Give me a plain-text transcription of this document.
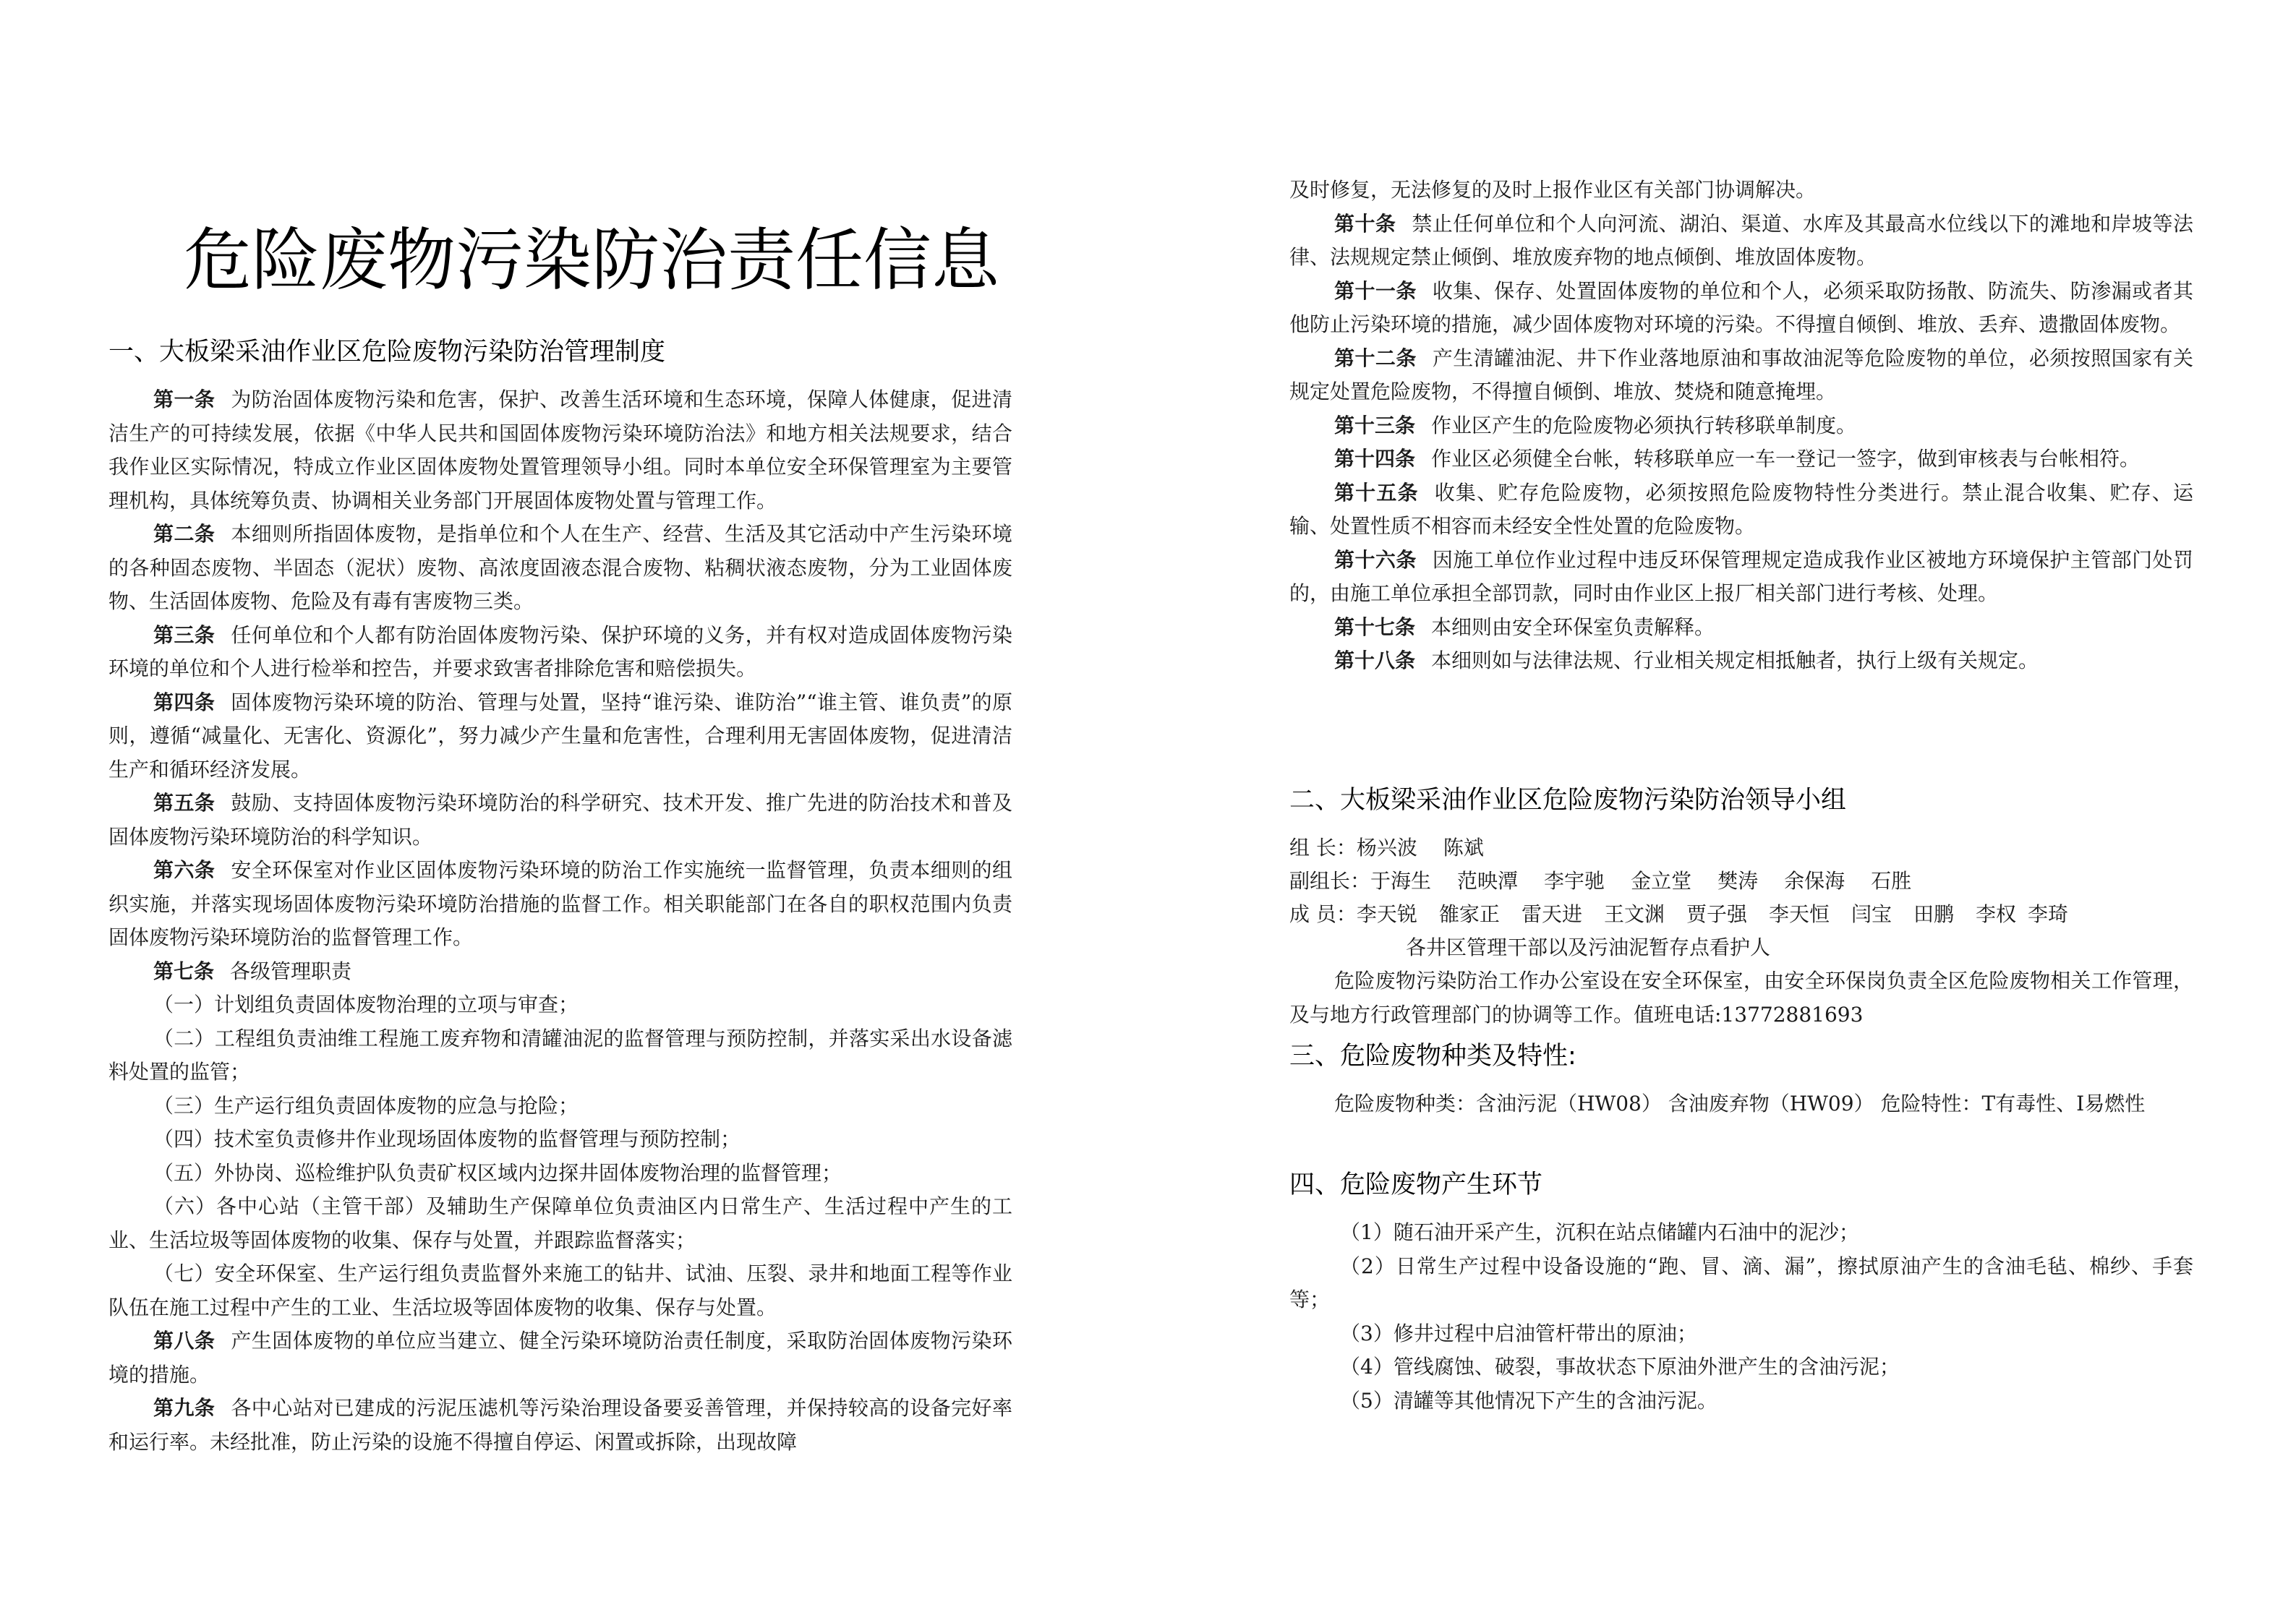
危险废物污染防治责任信息
一、大板梁采油作业区危险废物污染防治管理制度

第一条 为防治固体废物污染和危害，保护、改善生活环境和生态环境，保障人体健康，促进清洁生产的可持续发展，依据《中华人民共和国固体废物污染环境防治法》和地方相关法规要求，结合我作业区实际情况，特成立作业区固体废物处置管理领导小组。同时本单位安全环保管理室为主要管理机构，具体统筹负责、协调相关业务部门开展固体废物处置与管理工作。

第二条 本细则所指固体废物，是指单位和个人在生产、经营、生活及其它活动中产生污染环境的各种固态废物、半固态（泥状）废物、高浓度固液态混合废物、粘稠状液态废物，分为工业固体废物、生活固体废物、危险及有毒有害废物三类。

第三条 任何单位和个人都有防治固体废物污染、保护环境的义务，并有权对造成固体废物污染环境的单位和个人进行检举和控告，并要求致害者排除危害和赔偿损失。

第四条 固体废物污染环境的防治、管理与处置，坚持“谁污染、谁防治”“谁主管、谁负责”的原则，遵循“减量化、无害化、资源化”，努力减少产生量和危害性，合理利用无害固体废物，促进清洁生产和循环经济发展。

第五条 鼓励、支持固体废物污染环境防治的科学研究、技术开发、推广先进的防治技术和普及固体废物污染环境防治的科学知识。

第六条 安全环保室对作业区固体废物污染环境的防治工作实施统一监督管理，负责本细则的组织实施，并落实现场固体废物污染环境防治措施的监督工作。相关职能部门在各自的职权范围内负责固体废物污染环境防治的监督管理工作。

第七条 各级管理职责

（一）计划组负责固体废物治理的立项与审查；

（二）工程组负责油维工程施工废弃物和清罐油泥的监督管理与预防控制，并落实采出水设备滤料处置的监管；

（三）生产运行组负责固体废物的应急与抢险；

（四）技术室负责修井作业现场固体废物的监督管理与预防控制；

（五）外协岗、巡检维护队负责矿权区域内边探井固体废物治理的监督管理；

（六）各中心站（主管干部）及辅助生产保障单位负责油区内日常生产、生活过程中产生的工业、生活垃圾等固体废物的收集、保存与处置，并跟踪监督落实；

（七）安全环保室、生产运行组负责监督外来施工的钻井、试油、压裂、录井和地面工程等作业队伍在施工过程中产生的工业、生活垃圾等固体废物的收集、保存与处置。

第八条 产生固体废物的单位应当建立、健全污染环境防治责任制度，采取防治固体废物污染环境的措施。

第九条 各中心站对已建成的污泥压滤机等污染治理设备要妥善管理，并保持较高的设备完好率和运行率。未经批准，防止污染的设施不得擅自停运、闲置或拆除，出现故障

及时修复，无法修复的及时上报作业区有关部门协调解决。

第十条 禁止任何单位和个人向河流、湖泊、渠道、水库及其最高水位线以下的滩地和岸坡等法律、法规规定禁止倾倒、堆放废弃物的地点倾倒、堆放固体废物。

第十一条 收集、保存、处置固体废物的单位和个人，必须采取防扬散、防流失、防渗漏或者其他防止污染环境的措施，减少固体废物对环境的污染。不得擅自倾倒、堆放、丢弃、遗撒固体废物。

第十二条 产生清罐油泥、井下作业落地原油和事故油泥等危险废物的单位，必须按照国家有关规定处置危险废物，不得擅自倾倒、堆放、焚烧和随意掩埋。

第十三条 作业区产生的危险废物必须执行转移联单制度。

第十四条 作业区必须健全台帐，转移联单应一车一登记一签字，做到审核表与台帐相符。

第十五条 收集、贮存危险废物，必须按照危险废物特性分类进行。禁止混合收集、贮存、运输、处置性质不相容而未经安全性处置的危险废物。

第十六条 因施工单位作业过程中违反环保管理规定造成我作业区被地方环境保护主管部门处罚的，由施工单位承担全部罚款，同时由作业区上报厂相关部门进行考核、处理。

第十七条 本细则由安全环保室负责解释。

第十八条 本细则如与法律法规、行业相关规定相抵触者，执行上级有关规定。

二、大板梁采油作业区危险废物污染防治领导小组
组 长：杨兴波 陈斌
副组长：于海生 范映潭 李宇驰 金立堂 樊涛 余保海 石胜
成 员：李天锐 雒家正 雷天进 王文渊 贾子强 李天恒 闫宝 田鹏 李权 李琦
各井区管理干部以及污油泥暂存点看护人

危险废物污染防治工作办公室设在安全环保室，由安全环保岗负责全区危险废物相关工作管理，及与地方行政管理部门的协调等工作。值班电话:13772881693

三、危险废物种类及特性:

危险废物种类：含油污泥（HW08） 含油废弃物（HW09） 危险特性：T有毒性、I易燃性

四、危险废物产生环节

（1）随石油开采产生，沉积在站点储罐内石油中的泥沙；

（2）日常生产过程中设备设施的“跑、冒、滴、漏”，擦拭原油产生的含油毛毡、棉纱、手套等；

（3）修井过程中启油管杆带出的原油；

（4）管线腐蚀、破裂，事故状态下原油外泄产生的含油污泥；

（5）清罐等其他情况下产生的含油污泥。
